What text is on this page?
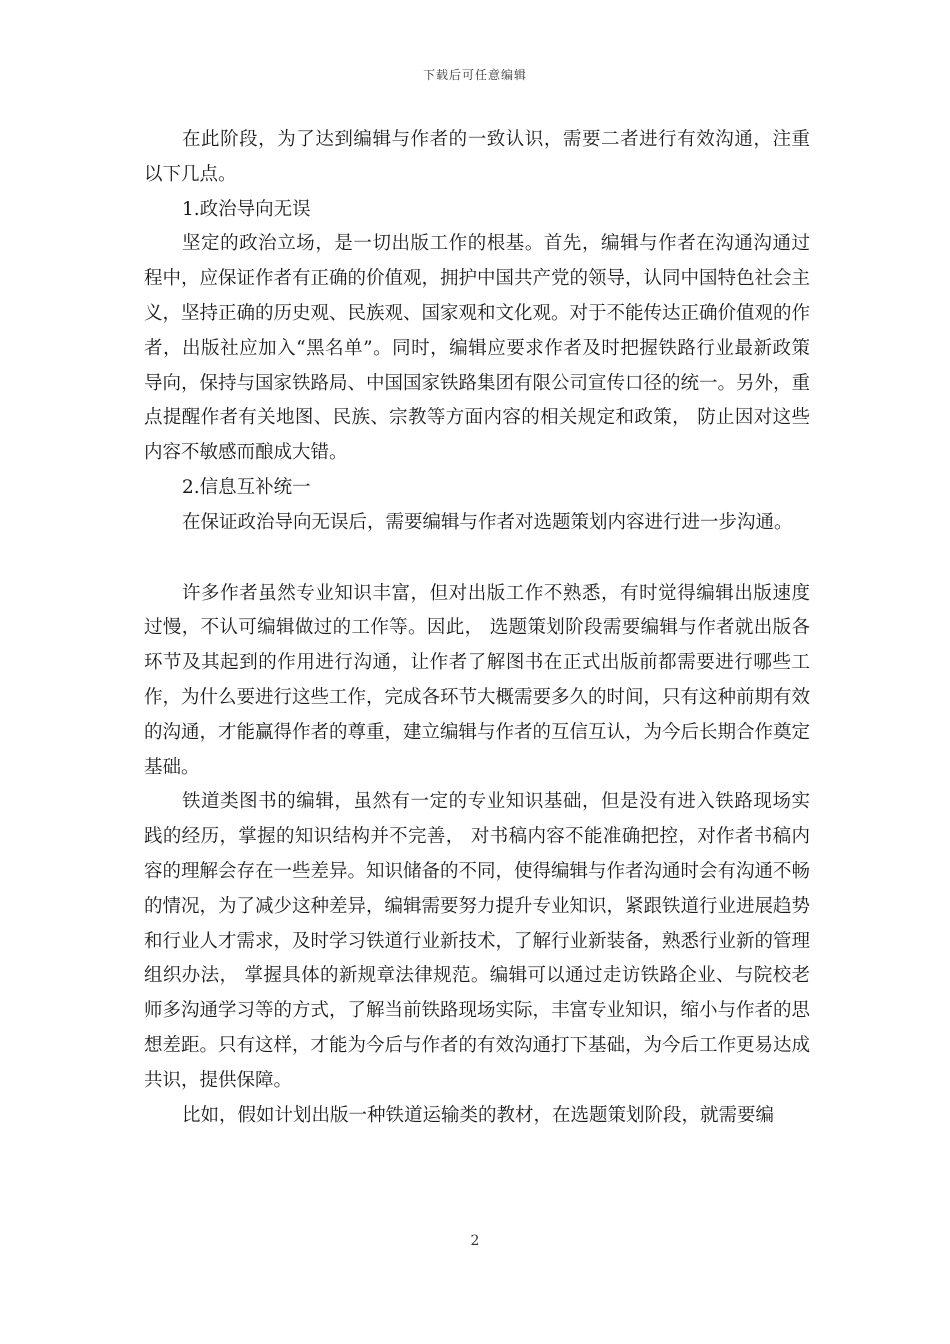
下载后可任意编辑

在此阶段，为了达到编辑与作者的一致认识，需要二者进行有效沟通，注重以下几点。

1.政治导向无误

坚定的政治立场，是一切出版工作的根基。首先，编辑与作者在沟通沟通过程中，应保证作者有正确的价值观，拥护中国共产党的领导，认同中国特色社会主义，坚持正确的历史观、民族观、国家观和文化观。对于不能传达正确价值观的作者，出版社应加入“黑名单”。同时，编辑应要求作者及时把握铁路行业最新政策导向，保持与国家铁路局、中国国家铁路集团有限公司宣传口径的统一。另外，重点提醒作者有关地图、民族、宗教等方面内容的相关规定和政策， 防止因对这些内容不敏感而酿成大错。

2.信息互补统一

在保证政治导向无误后，需要编辑与作者对选题策划内容进行进一步沟通。

许多作者虽然专业知识丰富，但对出版工作不熟悉，有时觉得编辑出版速度过慢，不认可编辑做过的工作等。因此， 选题策划阶段需要编辑与作者就出版各环节及其起到的作用进行沟通，让作者了解图书在正式出版前都需要进行哪些工作，为什么要进行这些工作，完成各环节大概需要多久的时间，只有这种前期有效的沟通，才能赢得作者的尊重，建立编辑与作者的互信互认，为今后长期合作奠定基础。

铁道类图书的编辑，虽然有一定的专业知识基础，但是没有进入铁路现场实践的经历，掌握的知识结构并不完善， 对书稿内容不能准确把控，对作者书稿内容的理解会存在一些差异。知识储备的不同，使得编辑与作者沟通时会有沟通不畅的情况，为了减少这种差异，编辑需要努力提升专业知识，紧跟铁道行业进展趋势和行业人才需求，及时学习铁道行业新技术，了解行业新装备，熟悉行业新的管理组织办法， 掌握具体的新规章法律规范。编辑可以通过走访铁路企业、与院校老师多沟通学习等的方式，了解当前铁路现场实际，丰富专业知识，缩小与作者的思想差距。只有这样，才能为今后与作者的有效沟通打下基础，为今后工作更易达成共识，提供保障。

比如，假如计划出版一种铁道运输类的教材，在选题策划阶段，就需要编

2
